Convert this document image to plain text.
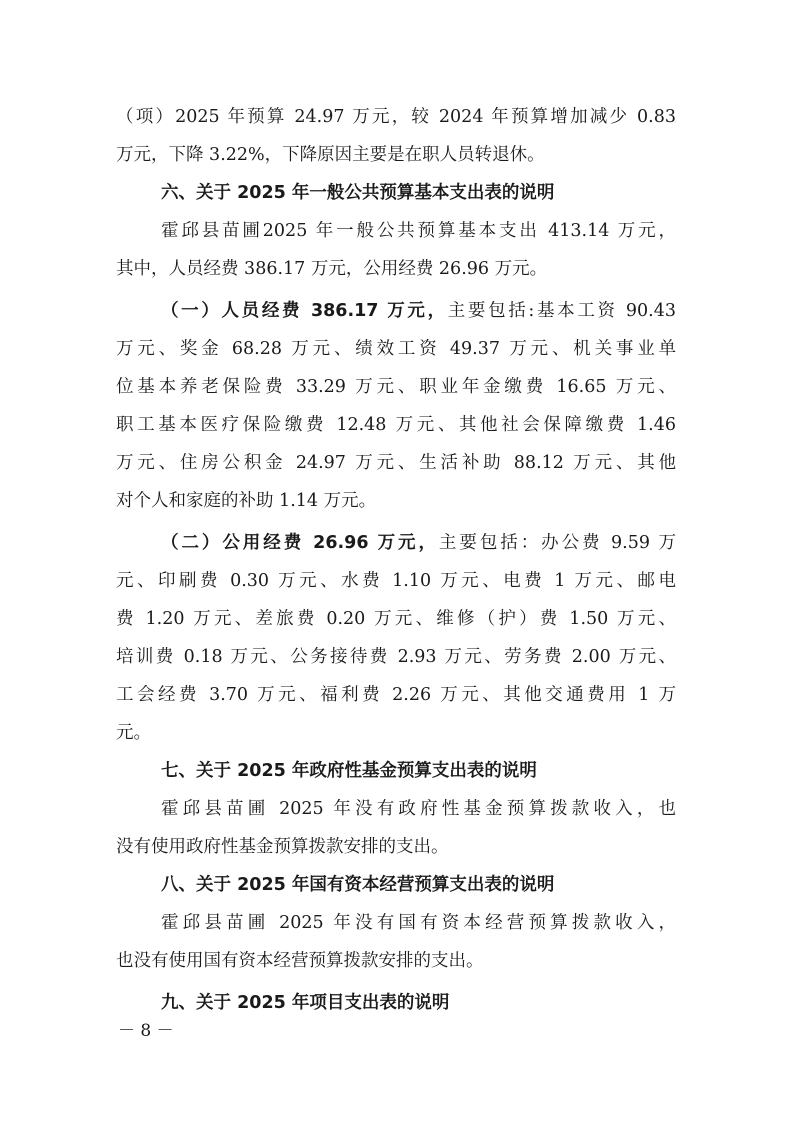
（项）2025 年预算 24.97 万元，较 2024 年预算增加减少 0.83
万元，下降 3.22%，下降原因主要是在职人员转退休。
六、关于 2025 年一般公共预算基本支出表的说明
霍邱县苗圃2025 年一般公共预算基本支出 413.14 万元，
其中，人员经费 386.17 万元，公用经费 26.96 万元。
（一）人员经费 386.17 万元，主要包括:基本工资 90.43
万元、奖金 68.28 万元、绩效工资 49.37 万元、机关事业单
位基本养老保险费 33.29 万元、职业年金缴费 16.65 万元、
职工基本医疗保险缴费 12.48 万元、其他社会保障缴费 1.46
万元、住房公积金 24.97 万元、生活补助 88.12 万元、其他
对个人和家庭的补助 1.14 万元。
（二）公用经费 26.96 万元，主要包括：办公费 9.59 万
元、印刷费 0.30 万元、水费 1.10 万元、电费 1 万元、邮电
费 1.20 万元、差旅费 0.20 万元、维修（护）费 1.50 万元、
培训费 0.18 万元、公务接待费 2.93 万元、劳务费 2.00 万元、
工会经费 3.70 万元、福利费 2.26 万元、其他交通费用 1 万
元。
七、关于 2025 年政府性基金预算支出表的说明
霍邱县苗圃 2025 年没有政府性基金预算拨款收入，也
没有使用政府性基金预算拨款安排的支出。
八、关于 2025 年国有资本经营预算支出表的说明
霍邱县苗圃 2025 年没有国有资本经营预算拨款收入，
也没有使用国有资本经营预算拨款安排的支出。
九、关于 2025 年项目支出表的说明
－ 8 －
